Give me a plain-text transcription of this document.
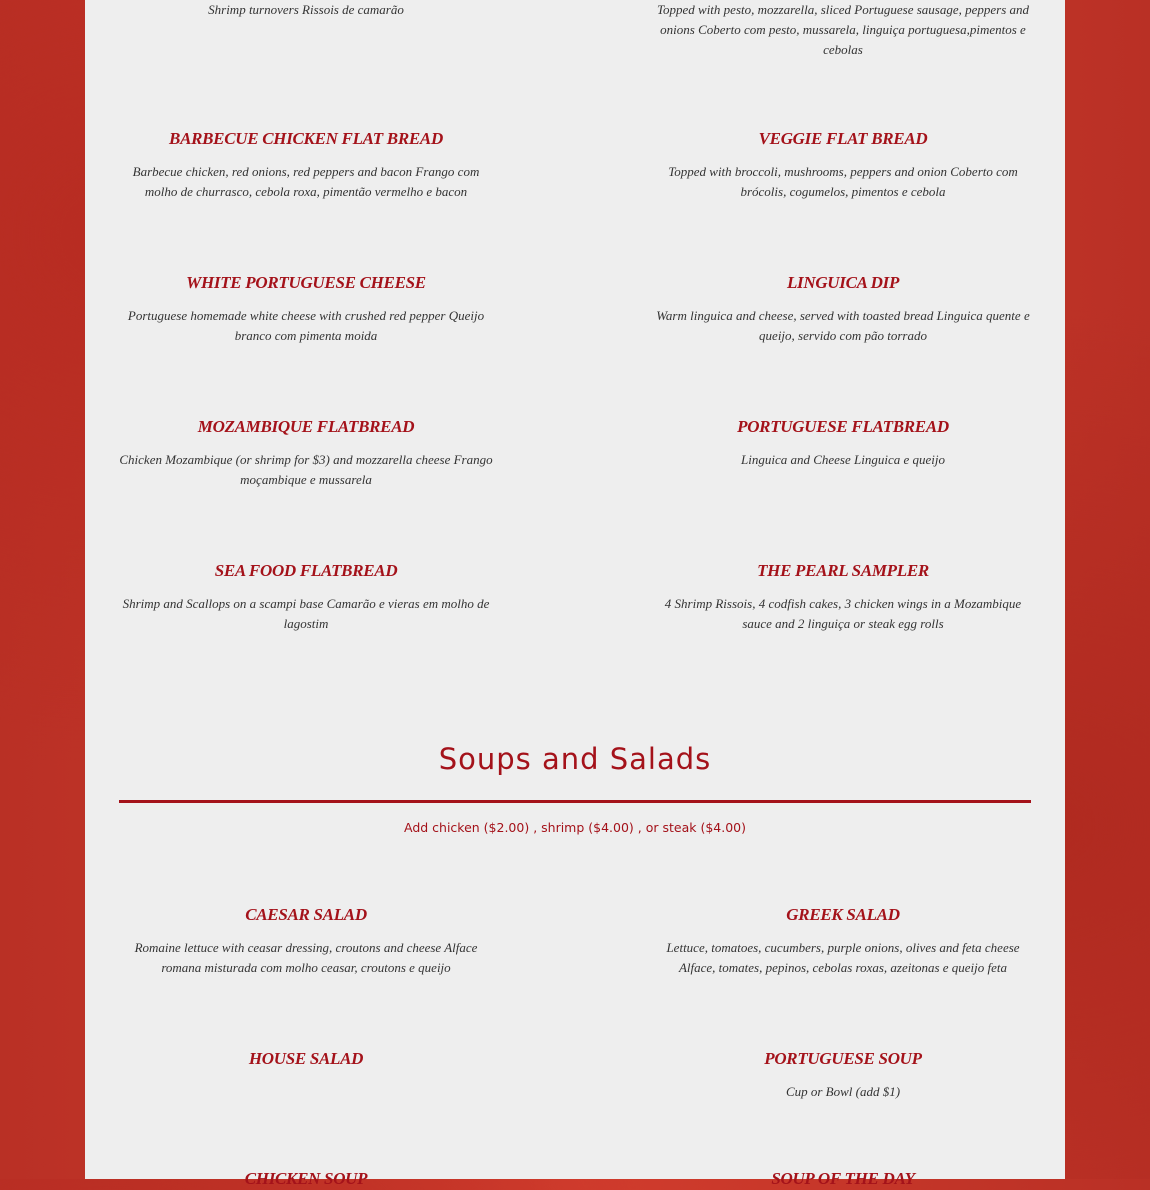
Shrimp turnovers Rissois de camarão	Topped with pesto, mozzarella, sliced Portuguese sausage, peppers and onions Coberto com pesto, mussarela, linguiça portuguesa,pimentos e cebolas
BARBECUE CHICKEN FLAT BREAD
Barbecue chicken, red onions, red peppers and bacon Frango com molho de churrasco, cebola roxa, pimentão vermelho e bacon
VEGGIE FLAT BREAD
Topped with broccoli, mushrooms, peppers and onion Coberto com brócolis, cogumelos, pimentos e cebola
WHITE PORTUGUESE CHEESE
Portuguese homemade white cheese with crushed red pepper Queijo branco com pimenta moida
LINGUICA DIP
Warm linguica and cheese, served with toasted bread Linguica quente e queijo, servido com pão torrado
MOZAMBIQUE FLATBREAD
Chicken Mozambique (or shrimp for $3) and mozzarella cheese Frango moçambique e mussarela
PORTUGUESE FLATBREAD
Linguica and Cheese Linguica e queijo
SEA FOOD FLATBREAD
Shrimp and Scallops on a scampi base Camarão e vieras em molho de lagostim
THE PEARL SAMPLER
4 Shrimp Rissois, 4 codfish cakes, 3 chicken wings in a Mozambique sauce and 2 linguiça or steak egg rolls
Soups and Salads
Add chicken ($2.00) , shrimp ($4.00) , or steak ($4.00)
CAESAR SALAD
Romaine lettuce with ceasar dressing, croutons and cheese Alface romana misturada com molho ceasar, croutons e queijo
GREEK SALAD
Lettuce, tomatoes, cucumbers, purple onions, olives and feta cheese Alface, tomates, pepinos, cebolas roxas, azeitonas e queijo feta
HOUSE SALAD	PORTUGUESE SOUP
Cup or Bowl (add $1)
CHICKEN SOUP	SOUP OF THE DAY
